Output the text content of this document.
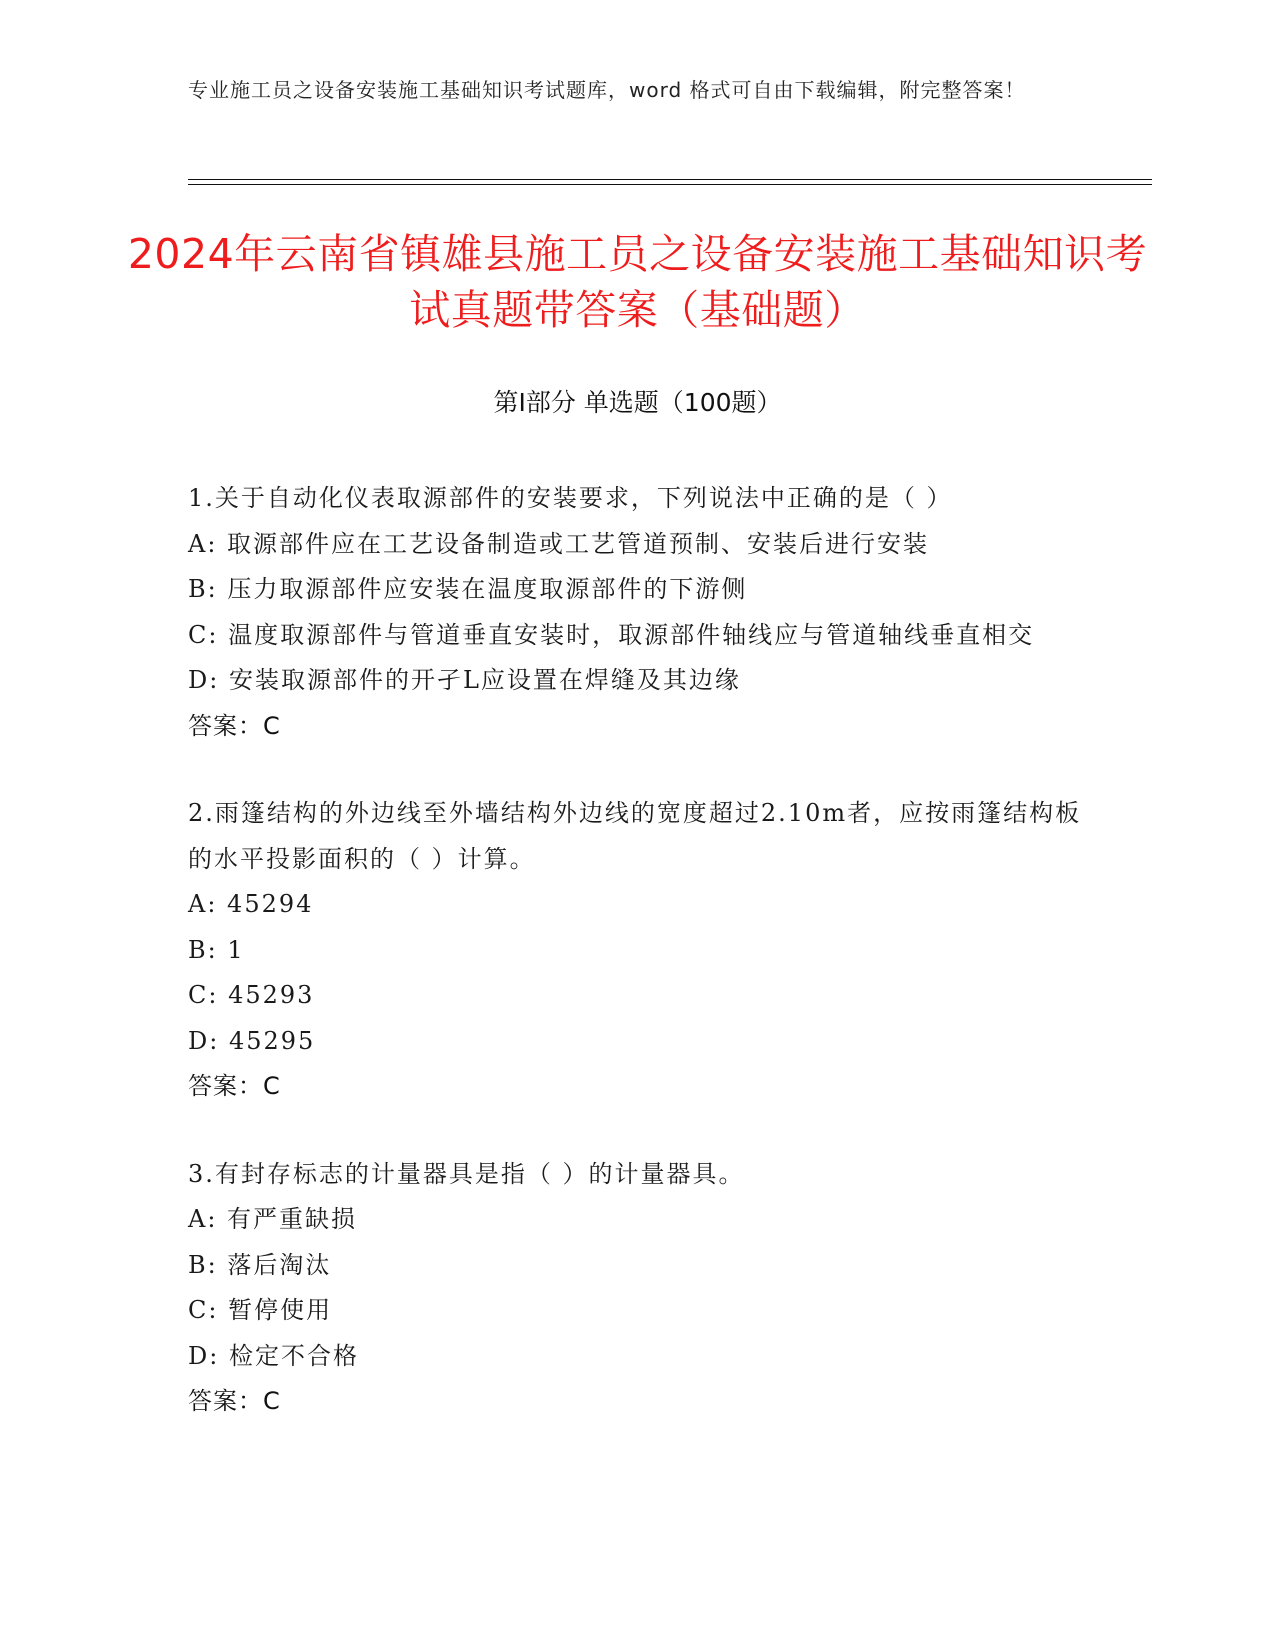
专业施工员之设备安装施工基础知识考试题库，word 格式可自由下载编辑，附完整答案！
2024年云南省镇雄县施工员之设备安装施工基础知识考试真题带答案（基础题）
第Ⅰ部分 单选题（100题）
1.关于自动化仪表取源部件的安装要求，下列说法中正确的是（ ）
A: 取源部件应在工艺设备制造或工艺管道预制、安装后进行安装
B: 压力取源部件应安装在温度取源部件的下游侧
C: 温度取源部件与管道垂直安装时，取源部件轴线应与管道轴线垂直相交
D: 安装取源部件的开孑L应设置在焊缝及其边缘
答案：C
2.雨篷结构的外边线至外墙结构外边线的宽度超过2.10m者，应按雨篷结构板的水平投影面积的（ ）计算。
A: 45294
B: 1
C: 45293
D: 45295
答案：C
3.有封存标志的计量器具是指（ ）的计量器具。
A: 有严重缺损
B: 落后淘汰
C: 暂停使用
D: 检定不合格
答案：C
